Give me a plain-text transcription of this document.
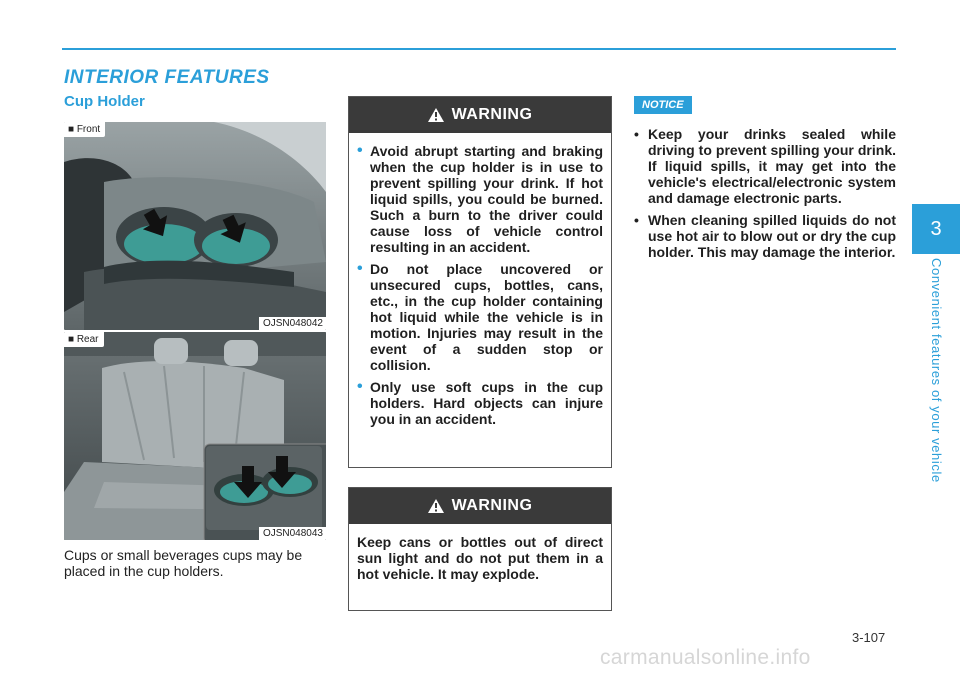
INTERIOR FEATURES
Cup Holder
■ Front
OJSN048042
■ Rear
OJSN048043
Cups or small beverages cups may be placed in the cup holders.
WARNING
• Avoid abrupt starting and braking when the cup holder is in use to prevent spilling your drink. If hot liquid spills, you could be burned. Such a burn to the driver could cause loss of vehicle control resulting in an accident.
• Do not place uncovered or unsecured cups, bottles, cans, etc., in the cup holder containing hot liquid while the vehicle is in motion. Injuries may result in the event of a sudden stop or collision.
• Only use soft cups in the cup holders. Hard objects can injure you in an accident.
WARNING
Keep cans or bottles out of direct sun light and do not put them in a hot vehicle. It may explode.
NOTICE
• Keep your drinks sealed while driving to prevent spilling your drink. If liquid spills, it may get into the vehicle's electrical/electronic system and damage electronic parts.
• When cleaning spilled liquids do not use hot air to blow out or dry the cup holder. This may damage the interior.
3
Convenient features of your vehicle
3-107
carmanualsonline.info
